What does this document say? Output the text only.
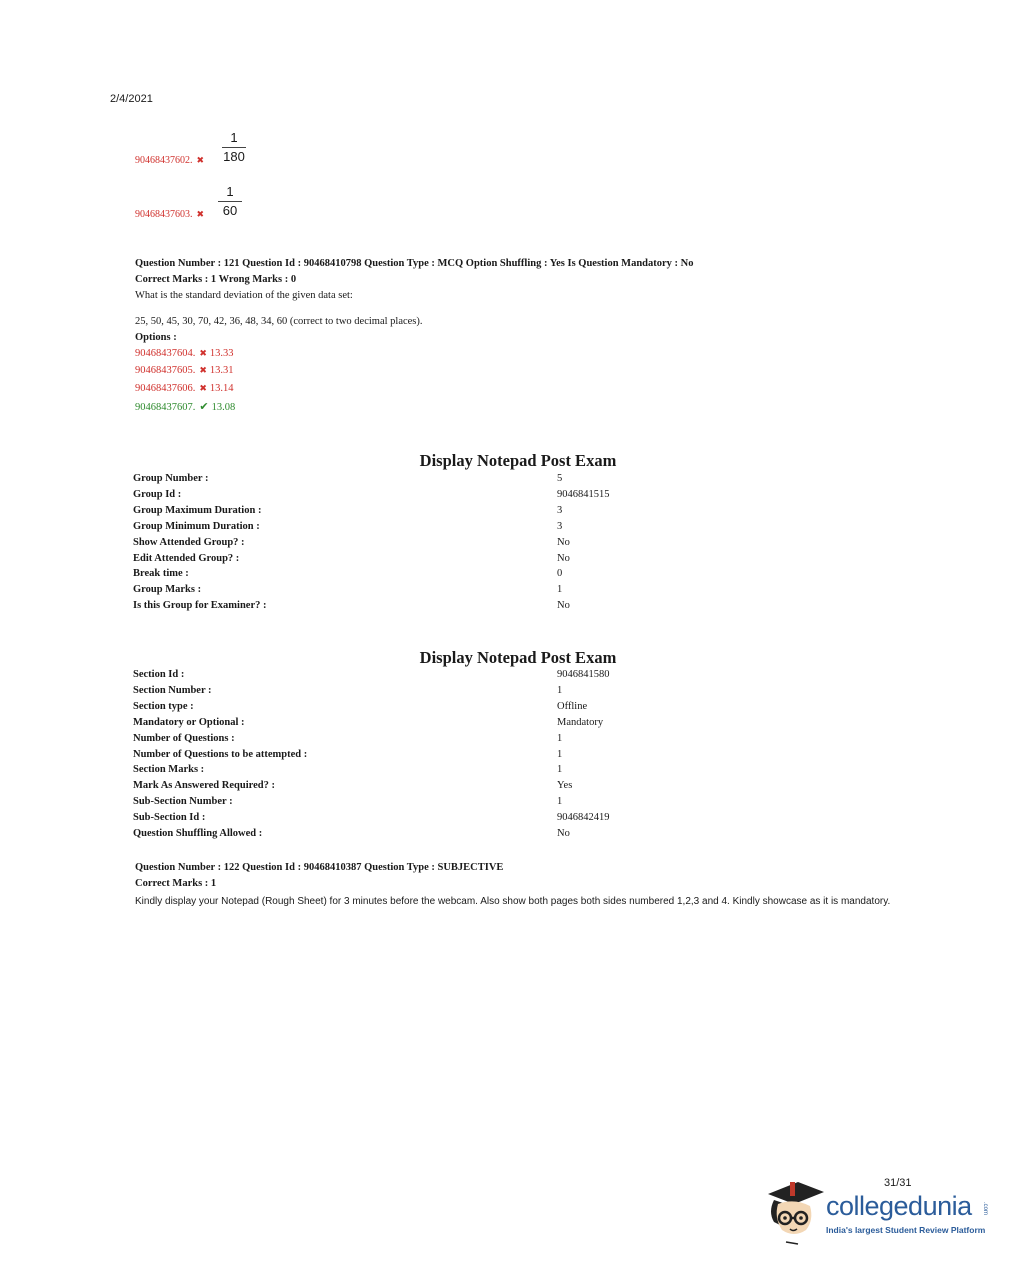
2/4/2021
90468437602. ✖
1
180
90468437603. ✖
1
60
Question Number : 121 Question Id : 90468410798 Question Type : MCQ Option Shuffling : Yes Is Question Mandatory : No
Correct Marks : 1 Wrong Marks : 0
What is the standard deviation of the given data set:
25, 50, 45, 30, 70, 42, 36, 48, 34, 60 (correct to two decimal places).
Options :
90468437604. ✖ 13.33
90468437605. ✖ 13.31
90468437606. ✖ 13.14
90468437607. ✔ 13.08
Display Notepad Post Exam
Group Number :	5
Group Id :	9046841515
Group Maximum Duration :	3
Group Minimum Duration :	3
Show Attended Group? :	No
Edit Attended Group? :	No
Break time :	0
Group Marks :	1
Is this Group for Examiner? :	No
Display Notepad Post Exam
Section Id :	9046841580
Section Number :	1
Section type :	Offline
Mandatory or Optional :	Mandatory
Number of Questions :	1
Number of Questions to be attempted :	1
Section Marks :	1
Mark As Answered Required? :	Yes
Sub-Section Number :	1
Sub-Section Id :	9046842419
Question Shuffling Allowed :	No
Question Number : 122 Question Id : 90468410387 Question Type : SUBJECTIVE
Correct Marks : 1
Kindly display your Notepad (Rough Sheet) for 3 minutes before the webcam. Also show both pages both sides numbered 1,2,3 and 4. Kindly showcase as it is mandatory.
31/31
collegedunia .com
India's largest Student Review Platform
